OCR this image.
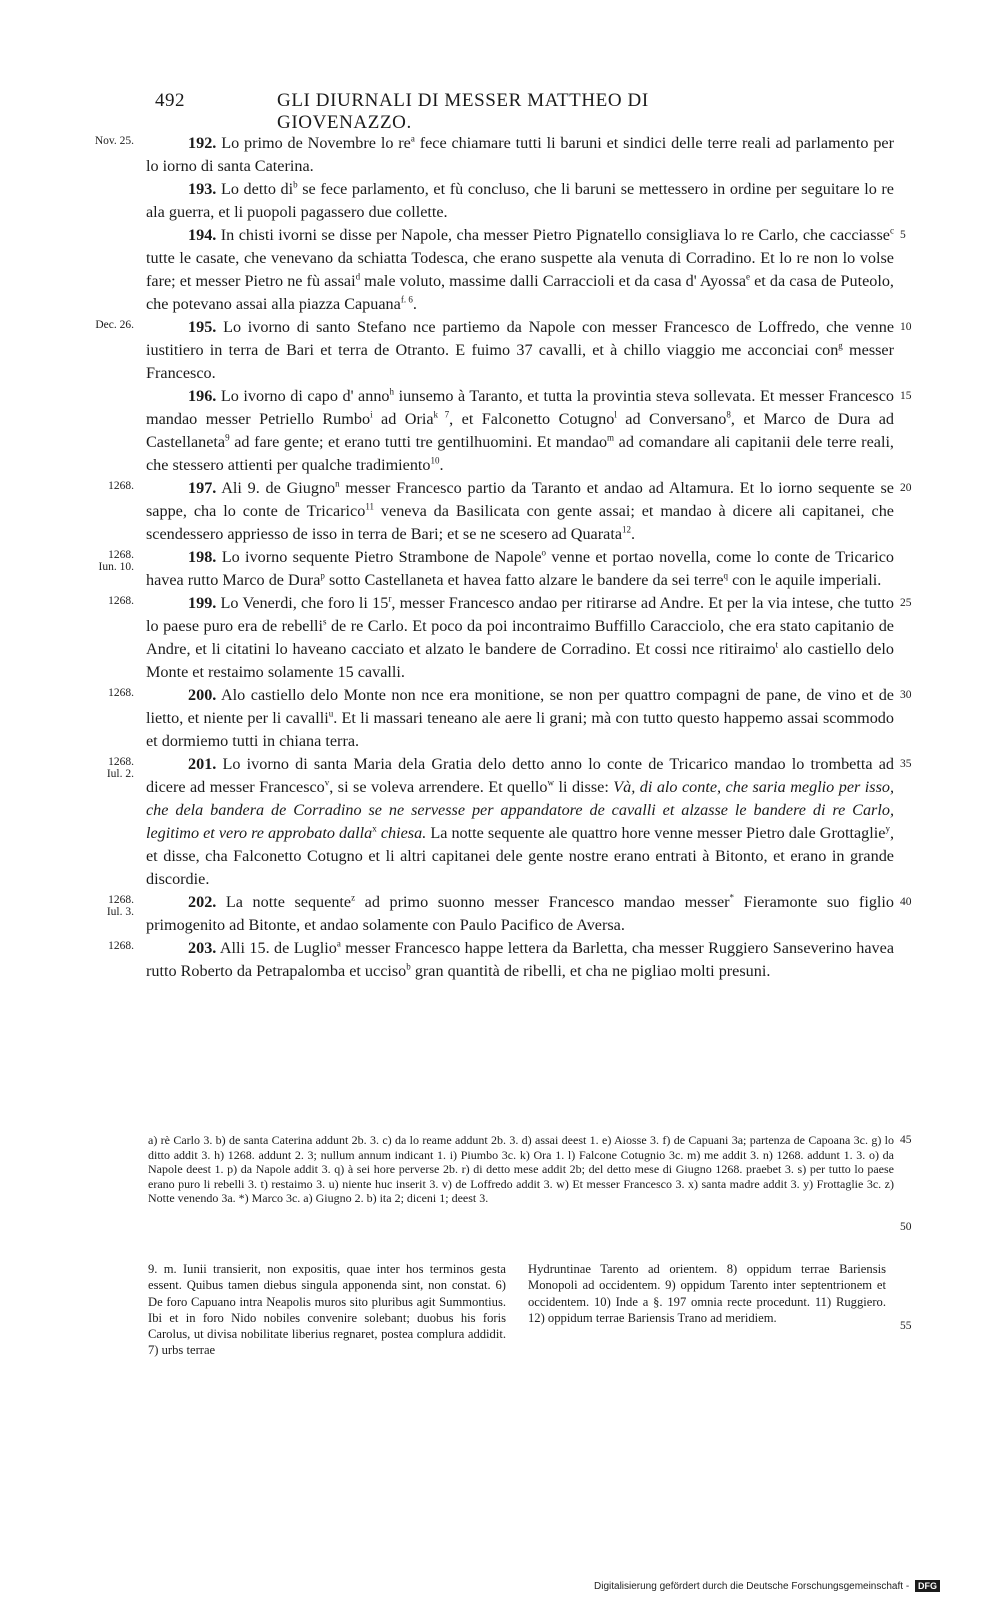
492	GLI DIURNALI DI MESSER MATTHEO DI GIOVENAZZO.

Nov. 25.	192. Lo primo de Novembre lo $re^a$ fece chiamare tutti li baruni et sindici delle terre reali ad parlamento per lo iorno di santa Caterina.

193. Lo detto $di^b$ se fece parlamento, et fù concluso, che li baruni se mettessero in ordine per seguitare lo re ala guerra, et li puopoli pagassero due collette.

5
194. In chisti ivorni se disse per Napole, cha messer Pietro Pignatello consigliava lo re Carlo, che cacciasse$^c$ tutte le casate, che venevano da schiatta Todesca, che erano suspette ala venuta di Corradino. Et lo re non lo volse fare; et messer Pietro ne fù assai$^d$ male voluto, massime dalli Carraccioli et da casa d' Ayossa$^e$ et da casa de Puteolo, che potevano assai alla piazza Capuana$^{f. 6}$.

Dec. 26.	10
195. Lo ivorno di santo Stefano nce partiemo da Napole con messer Francesco de Loffredo, che venne iustitiero in terra de Bari et terra de Otranto. E fuimo 37 cavalli, et à chillo viaggio me acconciai con$^g$ messer Francesco.

15
196. Lo ivorno di capo d' anno$^h$ iunsemo à Taranto, et tutta la provintia steva sollevata. Et messer Francesco mandao messer Petriello Rumbo$^i$ ad Oria$^{k 7}$, et Falconetto Cotugno$^l$ ad Conversano$^8$, et Marco de Dura ad Castellaneta$^9$ ad fare gente; et erano tutti tre gentilhuomini. Et mandao$^m$ ad comandare ali capitanii dele terre reali, che stessero attienti per qualche tradimiento$^{10}$.

1268.	20
197. Ali 9. de Giugno$^n$ messer Francesco partio da Taranto et andao ad Altamura. Et lo iorno sequente se sappe, cha lo conte de Tricarico$^{11}$ veneva da Basilicata con gente assai; et mandao à dicere ali capitanei, che scendessero appriesso de isso in terra de Bari; et se ne scesero ad Quarata$^{12}$.

1268.
Iun. 10.
198. Lo ivorno sequente Pietro Strambone de Napole$^o$ venne et portao novella, come lo conte de Tricarico havea rutto Marco de Dura$^p$ sotto Castellaneta et havea fatto alzare le bandere da sei terre$^q$ con le aquile imperiali.

1268.	25
199. Lo Venerdi, che foro li 15$^r$, messer Francesco andao per ritirarse ad Andre. Et per la via intese, che tutto lo paese puro era de rebelli$^s$ de re Carlo. Et poco da poi incontraimo Buffillo Caracciolo, che era stato capitanio de Andre, et li citatini lo haveano cacciato et alzato le bandere de Corradino. Et cossi nce ritiraimo$^t$ alo castiello delo Monte et restaimo solamente 15 cavalli.

1268.	30
200. Alo castiello delo Monte non nce era monitione, se non per quattro compagni de pane, de vino et de lietto, et niente per li cavalli$^u$. Et li massari teneano ale aere li grani; mà con tutto questo happemo assai scommodo et dormiemo tutti in chiana terra.

1268.
Iul. 2.
35
201. Lo ivorno di santa Maria dela Gratia delo detto anno lo conte de Tricarico mandao lo trombetta ad dicere ad messer Francesco$^v$, si se voleva arrendere. Et quello$^w$ li disse: Và, di alo conte, che saria meglio per isso, che dela bandera de Corradino se ne servesse per appandatore de cavalli et alzasse le bandere di re Carlo, legitimo et vero re approbato dalla$^x$ chiesa. La notte sequente ale quattro hore venne messer Pietro dale Grottaglie$^y$, et disse, cha Falconetto Cotugno et li altri capitanei dele gente nostre erano entrati à Bitonto, et erano in grande discordie.

1268.
Iul. 3.
40
202. La notte sequente$^z$ ad primo suonno messer Francesco mandao messer* Fieramonte suo figlio primogenito ad Bitonte, et andao solamente con Paulo Pacifico de Aversa.

1268.	203. Alli 15. de Luglio$^a$ messer Francesco happe lettera da Barletta, cha messer Ruggiero Sanseverino havea rutto Roberto da Petrapalomba et ucciso$^b$ gran quantità de ribelli, et cha ne pigliao molti presuni.

a) rè Carlo 3. b) de santa Caterina addunt 2b. 3. c) da lo reame addunt 2b. 3. d) assai deest 1. e) Aiosse 3. f) de Capuani 3a; partenza de Capoana 3c. g) lo ditto addit 3. h) 1268. addunt 2. 3; nullum annum indicant 1. i) Piumbo 3c. k) Ora 1. l) Falcone Cotugnio 3c. m) me addit 3. n) 1268. addunt 1. 3. o) da Napole deest 1. p) da Napole addit 3. q) à sei hore perverse 2b. r) di detto mese addit 2b; del detto mese di Giugno 1268. praebet 3. s) per tutto lo paese erano puro li rebelli 3. t) restaimo 3. u) niente huc inserit 3. v) de Loffredo addit 3. w) Et messer Francesco 3. x) santa madre addit 3. y) Frottaglie 3c. z) Notte venendo 3a. *) Marco 3c. a) Giugno 2. b) ita 2; diceni 1; deest 3.

45
50

9. m. Iunii transierit, non expositis, quae inter hos terminos gesta essent. Quibus tamen diebus singula apponenda sint, non constat. 6) De foro Capuano intra Neapolis muros sito pluribus agit Summontius. Ibi et in foro Nido nobiles convenire solebant; duobus his foris Carolus, ut divisa nobilitate liberius regnaret, postea complura addidit. 7) urbs terrae

Hydruntinae Tarento ad orientem. 8) oppidum terrae Bariensis Monopoli ad occidentem. 9) oppidum Tarento inter septentrionem et occidentem. 10) Inde a §. 197 omnia recte procedunt. 11) Ruggiero. 12) oppidum terrae Bariensis Trano ad meridiem.

55
Digitalisierung gefördert durch die Deutsche Forschungsgemeinschaft - DFG
